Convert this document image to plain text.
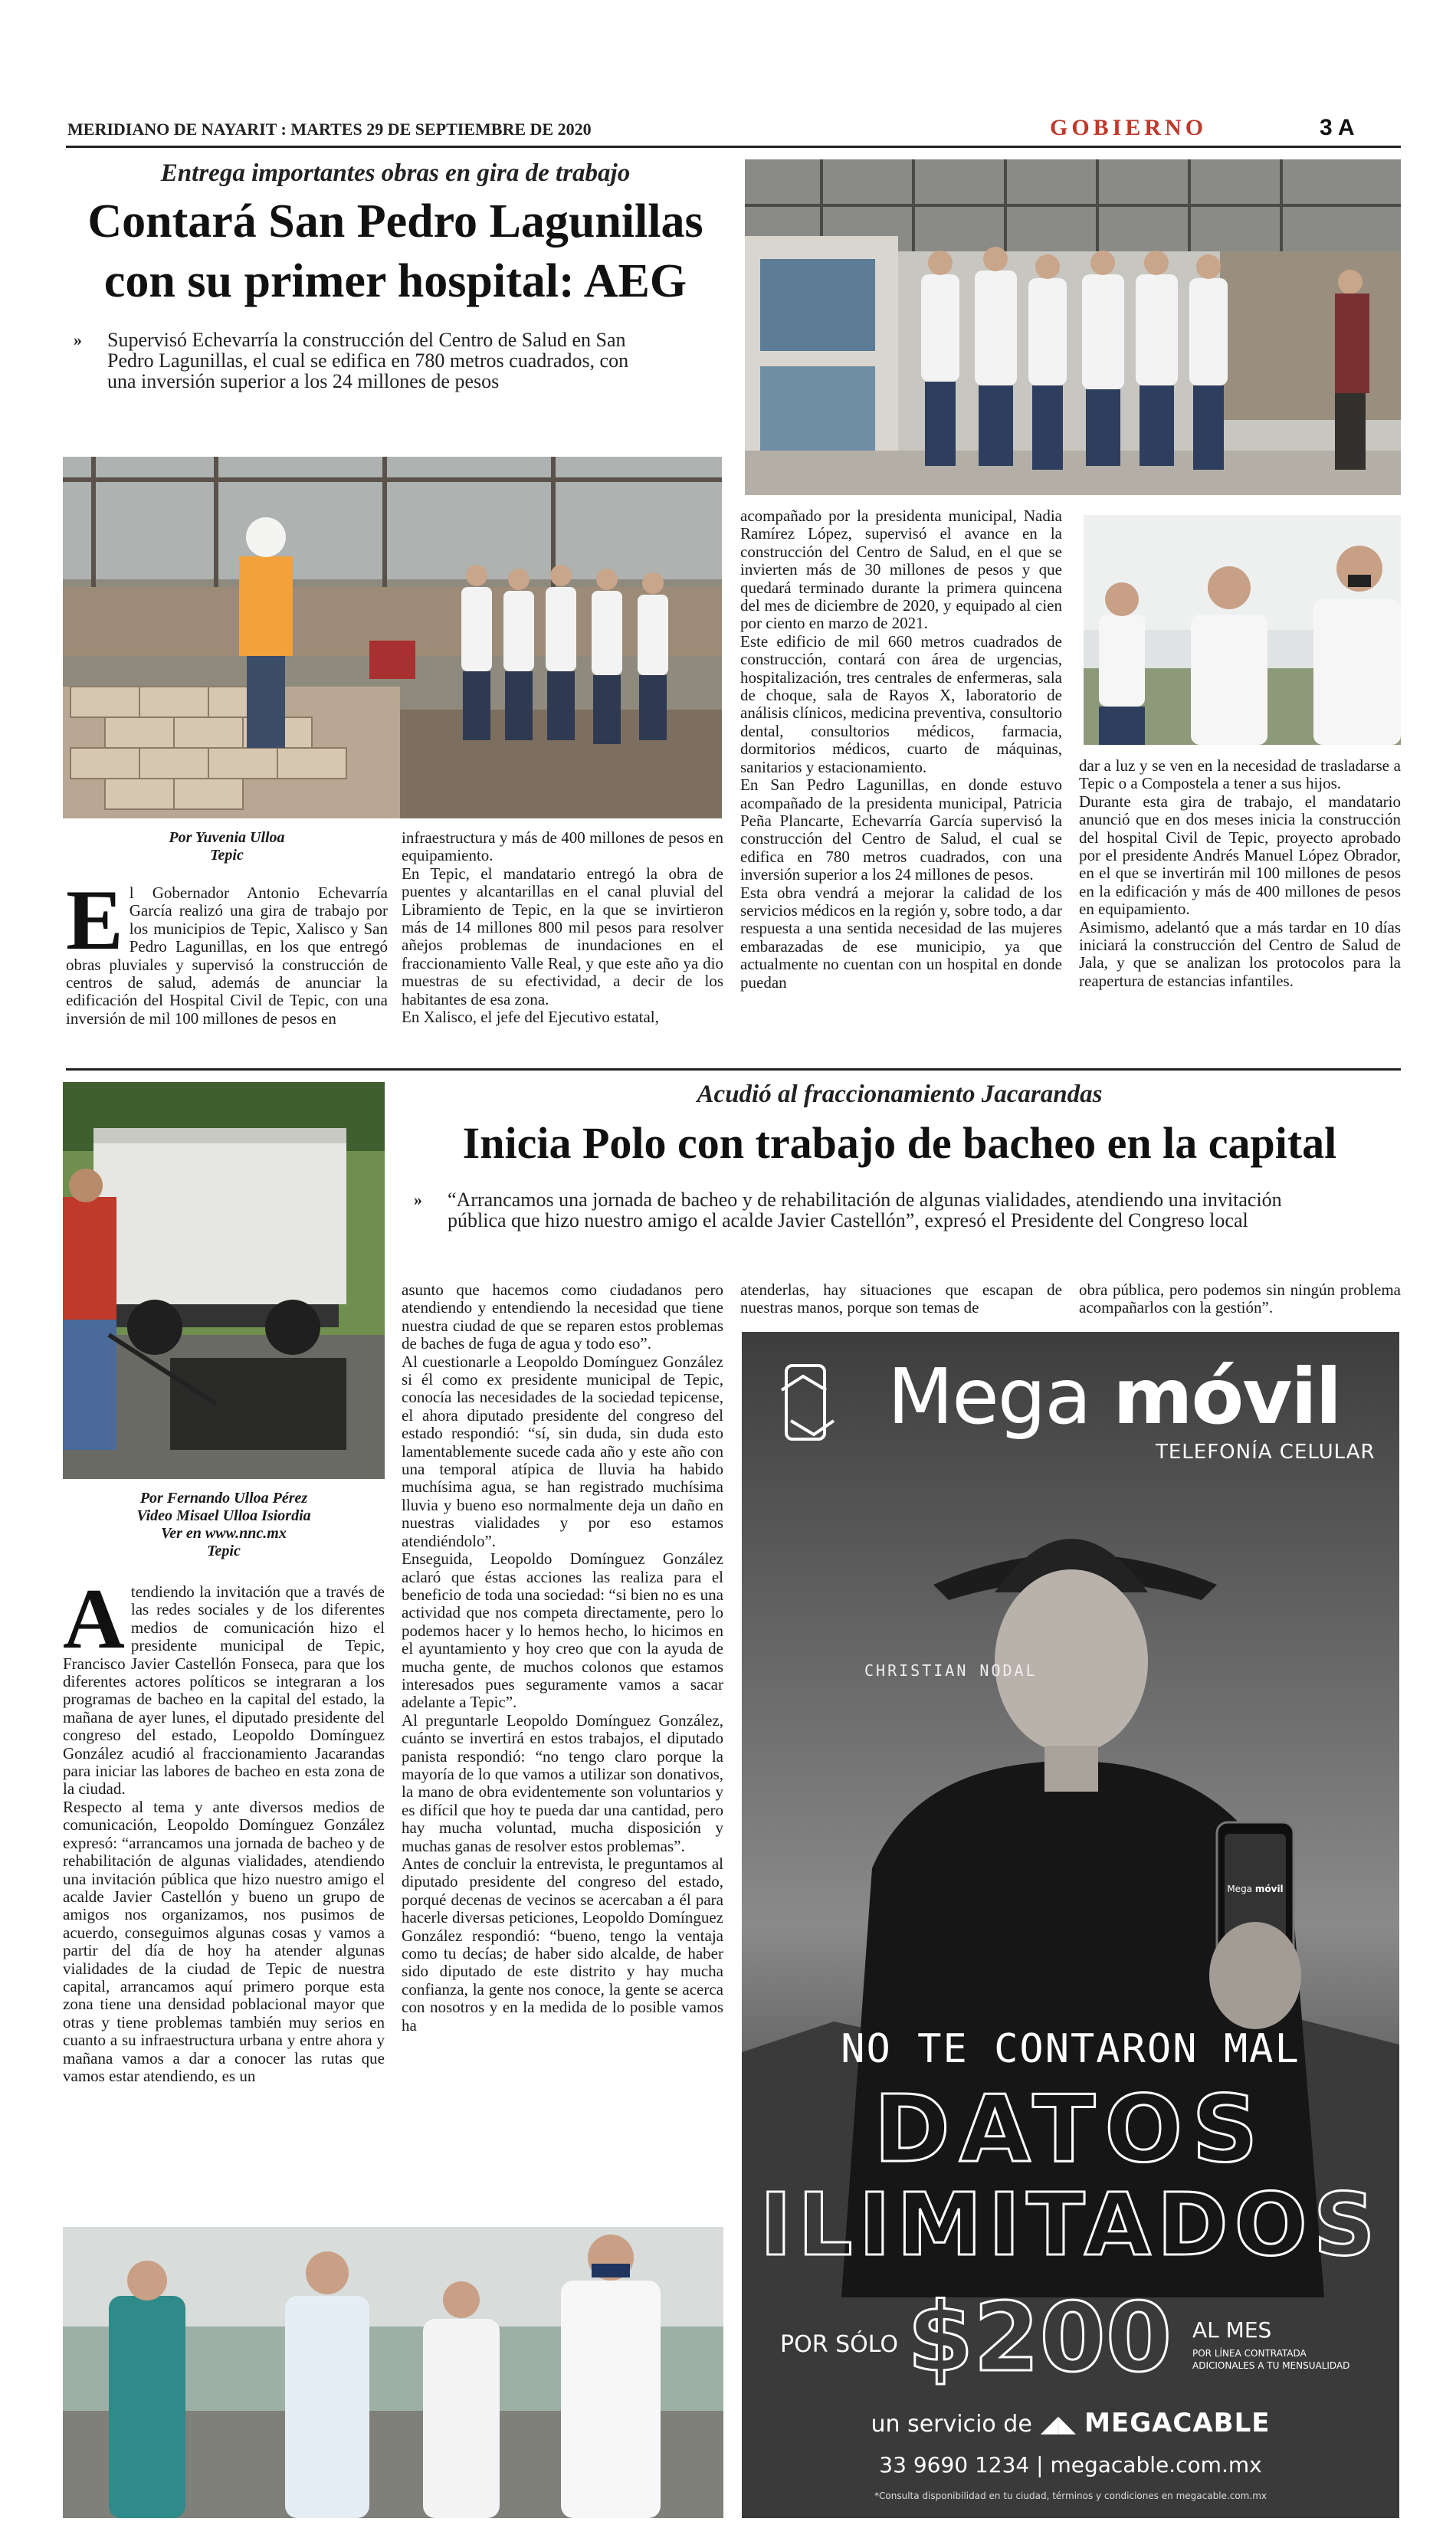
MERIDIANO DE NAYARIT : MARTES 29 DE SEPTIEMBRE DE 2020	GOBIERNO	3 A
Entrega importantes obras en gira de trabajo
Contará San Pedro Lagunillas
con su primer hospital: AEG
» Supervisó Echevarría la construcción del Centro de Salud en San Pedro Lagunillas, el cual se edifica en 780 metros cuadrados, con una inversión superior a los 24 millones de pesos
Por Yuvenia Ulloa
Tepic
E l Gobernador Antonio Echevarría García realizó una gira de trabajo por los municipios de Tepic, Xalisco y San Pedro Lagunillas, en los que entregó obras pluviales y supervisó la construcción de centros de salud, además de anunciar la edificación del Hospital Civil de Tepic, con una inversión de mil 100 millones de pesos en

infraestructura y más de 400 millones de pesos en equipamiento.

En Tepic, el mandatario entregó la obra de puentes y alcantarillas en el canal pluvial del Libramiento de Tepic, en la que se invirtieron más de 14 millones 800 mil pesos para resolver añejos problemas de inundaciones en el fraccionamiento Valle Real, y que este año ya dio muestras de su efectividad, a decir de los habitantes de esa zona.

En Xalisco, el jefe del Ejecutivo estatal,

acompañado por la presidenta municipal, Nadia Ramírez López, supervisó el avance en la construcción del Centro de Salud, en el que se invierten más de 30 millones de pesos y que quedará terminado durante la primera quincena del mes de diciembre de 2020, y equipado al cien por ciento en marzo de 2021.

Este edificio de mil 660 metros cuadrados de construcción, contará con área de urgencias, hospitalización, tres centrales de enfermeras, sala de choque, sala de Rayos X, laboratorio de análisis clínicos, medicina preventiva, consultorio dental, consultorios médicos, farmacia, dormitorios médicos, cuarto de máquinas, sanitarios y estacionamiento.

En San Pedro Lagunillas, en donde estuvo acompañado de la presidenta municipal, Patricia Peña Plancarte, Echevarría García supervisó la construcción del Centro de Salud, el cual se edifica en 780 metros cuadrados, con una inversión superior a los 24 millones de pesos.

Esta obra vendrá a mejorar la calidad de los servicios médicos en la región y, sobre todo, a dar respuesta a una sentida necesidad de las mujeres embarazadas de ese municipio, ya que actualmente no cuentan con un hospital en donde puedan

dar a luz y se ven en la necesidad de trasladarse a Tepic o a Compostela a tener a sus hijos.

Durante esta gira de trabajo, el mandatario anunció que en dos meses inicia la construcción del hospital Civil de Tepic, proyecto aprobado por el presidente Andrés Manuel López Obrador, en el que se invertirán mil 100 millones de pesos en la edificación y más de 400 millones de pesos en equipamiento.

Asimismo, adelantó que a más tardar en 10 días iniciará la construcción del Centro de Salud de Jala, y que se analizan los protocolos para la reapertura de estancias infantiles.

Por Fernando Ulloa Pérez
Video Misael Ulloa Isiordia
Ver en www.nnc.mx
Tepic
Acudió al fraccionamiento Jacarandas
Inicia Polo con trabajo de bacheo en la capital
» “Arrancamos una jornada de bacheo y de rehabilitación de algunas vialidades, atendiendo una invitación pública que hizo nuestro amigo el acalde Javier Castellón”, expresó el Presidente del Congreso local
A tendiendo la invitación que a través de las redes sociales y de los diferentes medios de comunicación hizo el presidente municipal de Tepic, Francisco Javier Castellón Fonseca, para que los diferentes actores políticos se integraran a los programas de bacheo en la capital del estado, la mañana de ayer lunes, el diputado presidente del congreso del estado, Leopoldo Domínguez González acudió al fraccionamiento Jacarandas para iniciar las labores de bacheo en esta zona de la ciudad.

Respecto al tema y ante diversos medios de comunicación, Leopoldo Domínguez González expresó: “arrancamos una jornada de bacheo y de rehabilitación de algunas vialidades, atendiendo una invitación pública que hizo nuestro amigo el acalde Javier Castellón y bueno un grupo de amigos nos organizamos, nos pusimos de acuerdo, conseguimos algunas cosas y vamos a partir del día de hoy ha atender algunas vialidades de la ciudad de Tepic de nuestra capital, arrancamos aquí primero porque esta zona tiene una densidad poblacional mayor que otras y tiene problemas también muy serios en cuanto a su infraestructura urbana y entre ahora y mañana vamos a dar a conocer las rutas que vamos estar atendiendo, es un

asunto que hacemos como ciudadanos pero atendiendo y entendiendo la necesidad que tiene nuestra ciudad de que se reparen estos problemas de baches de fuga de agua y todo eso”.

Al cuestionarle a Leopoldo Domínguez González si él como ex presidente municipal de Tepic, conocía las necesidades de la sociedad tepicense, el ahora diputado presidente del congreso del estado respondió: “sí, sin duda, sin duda esto lamentablemente sucede cada año y este año con una temporal atípica de lluvia ha habido muchísima agua, se han registrado muchísima lluvia y bueno eso normalmente deja un daño en nuestras vialidades y por eso estamos atendiéndolo”.

Enseguida, Leopoldo Domínguez González aclaró que éstas acciones las realiza para el beneficio de toda una sociedad: “si bien no es una actividad que nos competa directamente, pero lo podemos hacer y lo hemos hecho, lo hicimos en el ayuntamiento y hoy creo que con la ayuda de mucha gente, de muchos colonos que estamos interesados pues seguramente vamos a sacar adelante a Tepic”.

Al preguntarle Leopoldo Domínguez González, cuánto se invertirá en estos trabajos, el diputado panista respondió: “no tengo claro porque la mayoría de lo que vamos a utilizar son donativos, la mano de obra evidentemente son voluntarios y es difícil que hoy te pueda dar una cantidad, pero hay mucha voluntad, mucha disposición y muchas ganas de resolver estos problemas”.

Antes de concluir la entrevista, le preguntamos al diputado presidente del congreso del estado, porqué decenas de vecinos se acercaban a él para hacerle diversas peticiones, Leopoldo Domínguez González respondió: “bueno, tengo la ventaja como tu decías; de haber sido alcalde, de haber sido diputado de este distrito y hay mucha confianza, la gente nos conoce, la gente se acerca con nosotros y en la medida de lo posible vamos ha

atenderlas, hay situaciones que escapan de nuestras manos, porque son temas de
obra pública, pero podemos sin ningún problema acompañarlos con la gestión”.
Mega móvil
TELEFONÍA CELULAR
CHRISTIAN NODAL
Mega móvil
NO TE CONTARON MAL
DATOS
ILIMITADOS
POR SÓLO $200 AL MES
POR LÍNEA CONTRATADA
ADICIONALES A TU MENSUALIDAD
un servicio de ◢◣ MEGACABLE
33 9690 1234 | megacable.com.mx
*Consulta disponibilidad en tu ciudad, términos y condiciones en megacable.com.mx
